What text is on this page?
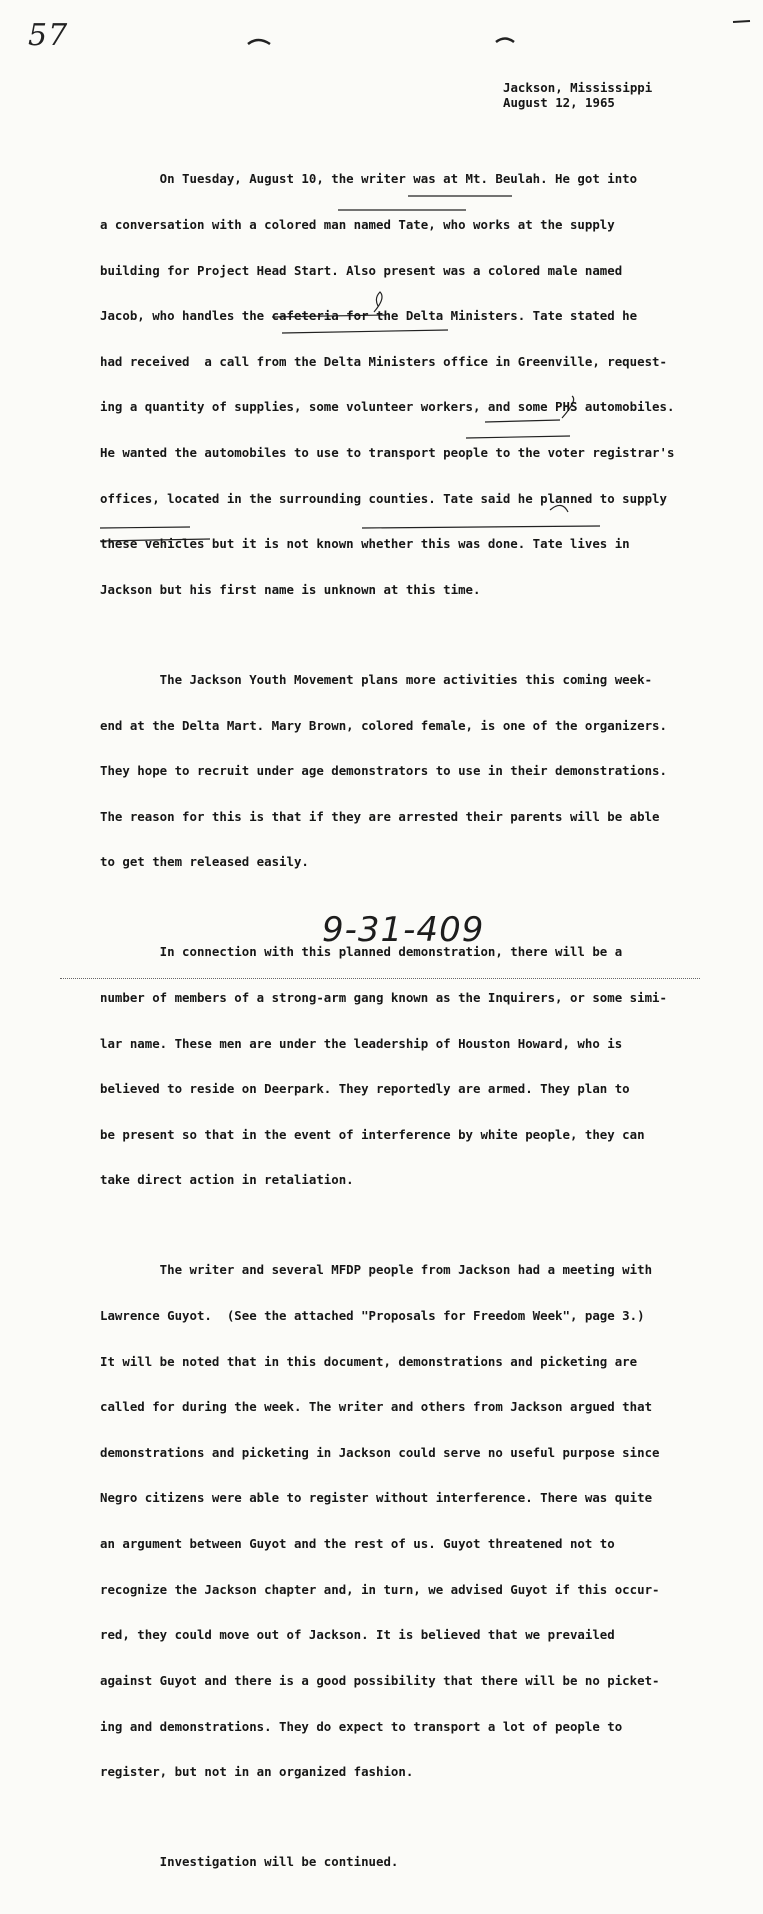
57
Jackson, Mississippi
August 12, 1965

On Tuesday, August 10, the writer was at Mt. Beulah. He got into

a conversation with a colored man named Tate, who works at the supply

building for Project Head Start. Also present was a colored male named

Jacob, who handles the cafeteria for the Delta Ministers. Tate stated he

had received  a call from the Delta Ministers office in Greenville, request-

ing a quantity of supplies, some volunteer workers, and some PHS automobiles.

He wanted the automobiles to use to transport people to the voter registrar's

offices, located in the surrounding counties. Tate said he planned to supply

these vehicles but it is not known whether this was done. Tate lives in

Jackson but his first name is unknown at this time.

The Jackson Youth Movement plans more activities this coming week-

end at the Delta Mart. Mary Brown, colored female, is one of the organizers.

They hope to recruit under age demonstrators to use in their demonstrations.

The reason for this is that if they are arrested their parents will be able

to get them released easily.

In connection with this planned demonstration, there will be a

number of members of a strong-arm gang known as the Inquirers, or some simi-

lar name. These men are under the leadership of Houston Howard, who is

believed to reside on Deerpark. They reportedly are armed. They plan to

be present so that in the event of interference by white people, they can

take direct action in retaliation.

The writer and several MFDP people from Jackson had a meeting with

Lawrence Guyot.  (See the attached "Proposals for Freedom Week", page 3.)

It will be noted that in this document, demonstrations and picketing are

called for during the week. The writer and others from Jackson argued that

demonstrations and picketing in Jackson could serve no useful purpose since

Negro citizens were able to register without interference. There was quite

an argument between Guyot and the rest of us. Guyot threatened not to

recognize the Jackson chapter and, in turn, we advised Guyot if this occur-

red, they could move out of Jackson. It is believed that we prevailed

against Guyot and there is a good possibility that there will be no picket-

ing and demonstrations. They do expect to transport a lot of people to

register, but not in an organized fashion.

Investigation will be continued.

9-31-409
